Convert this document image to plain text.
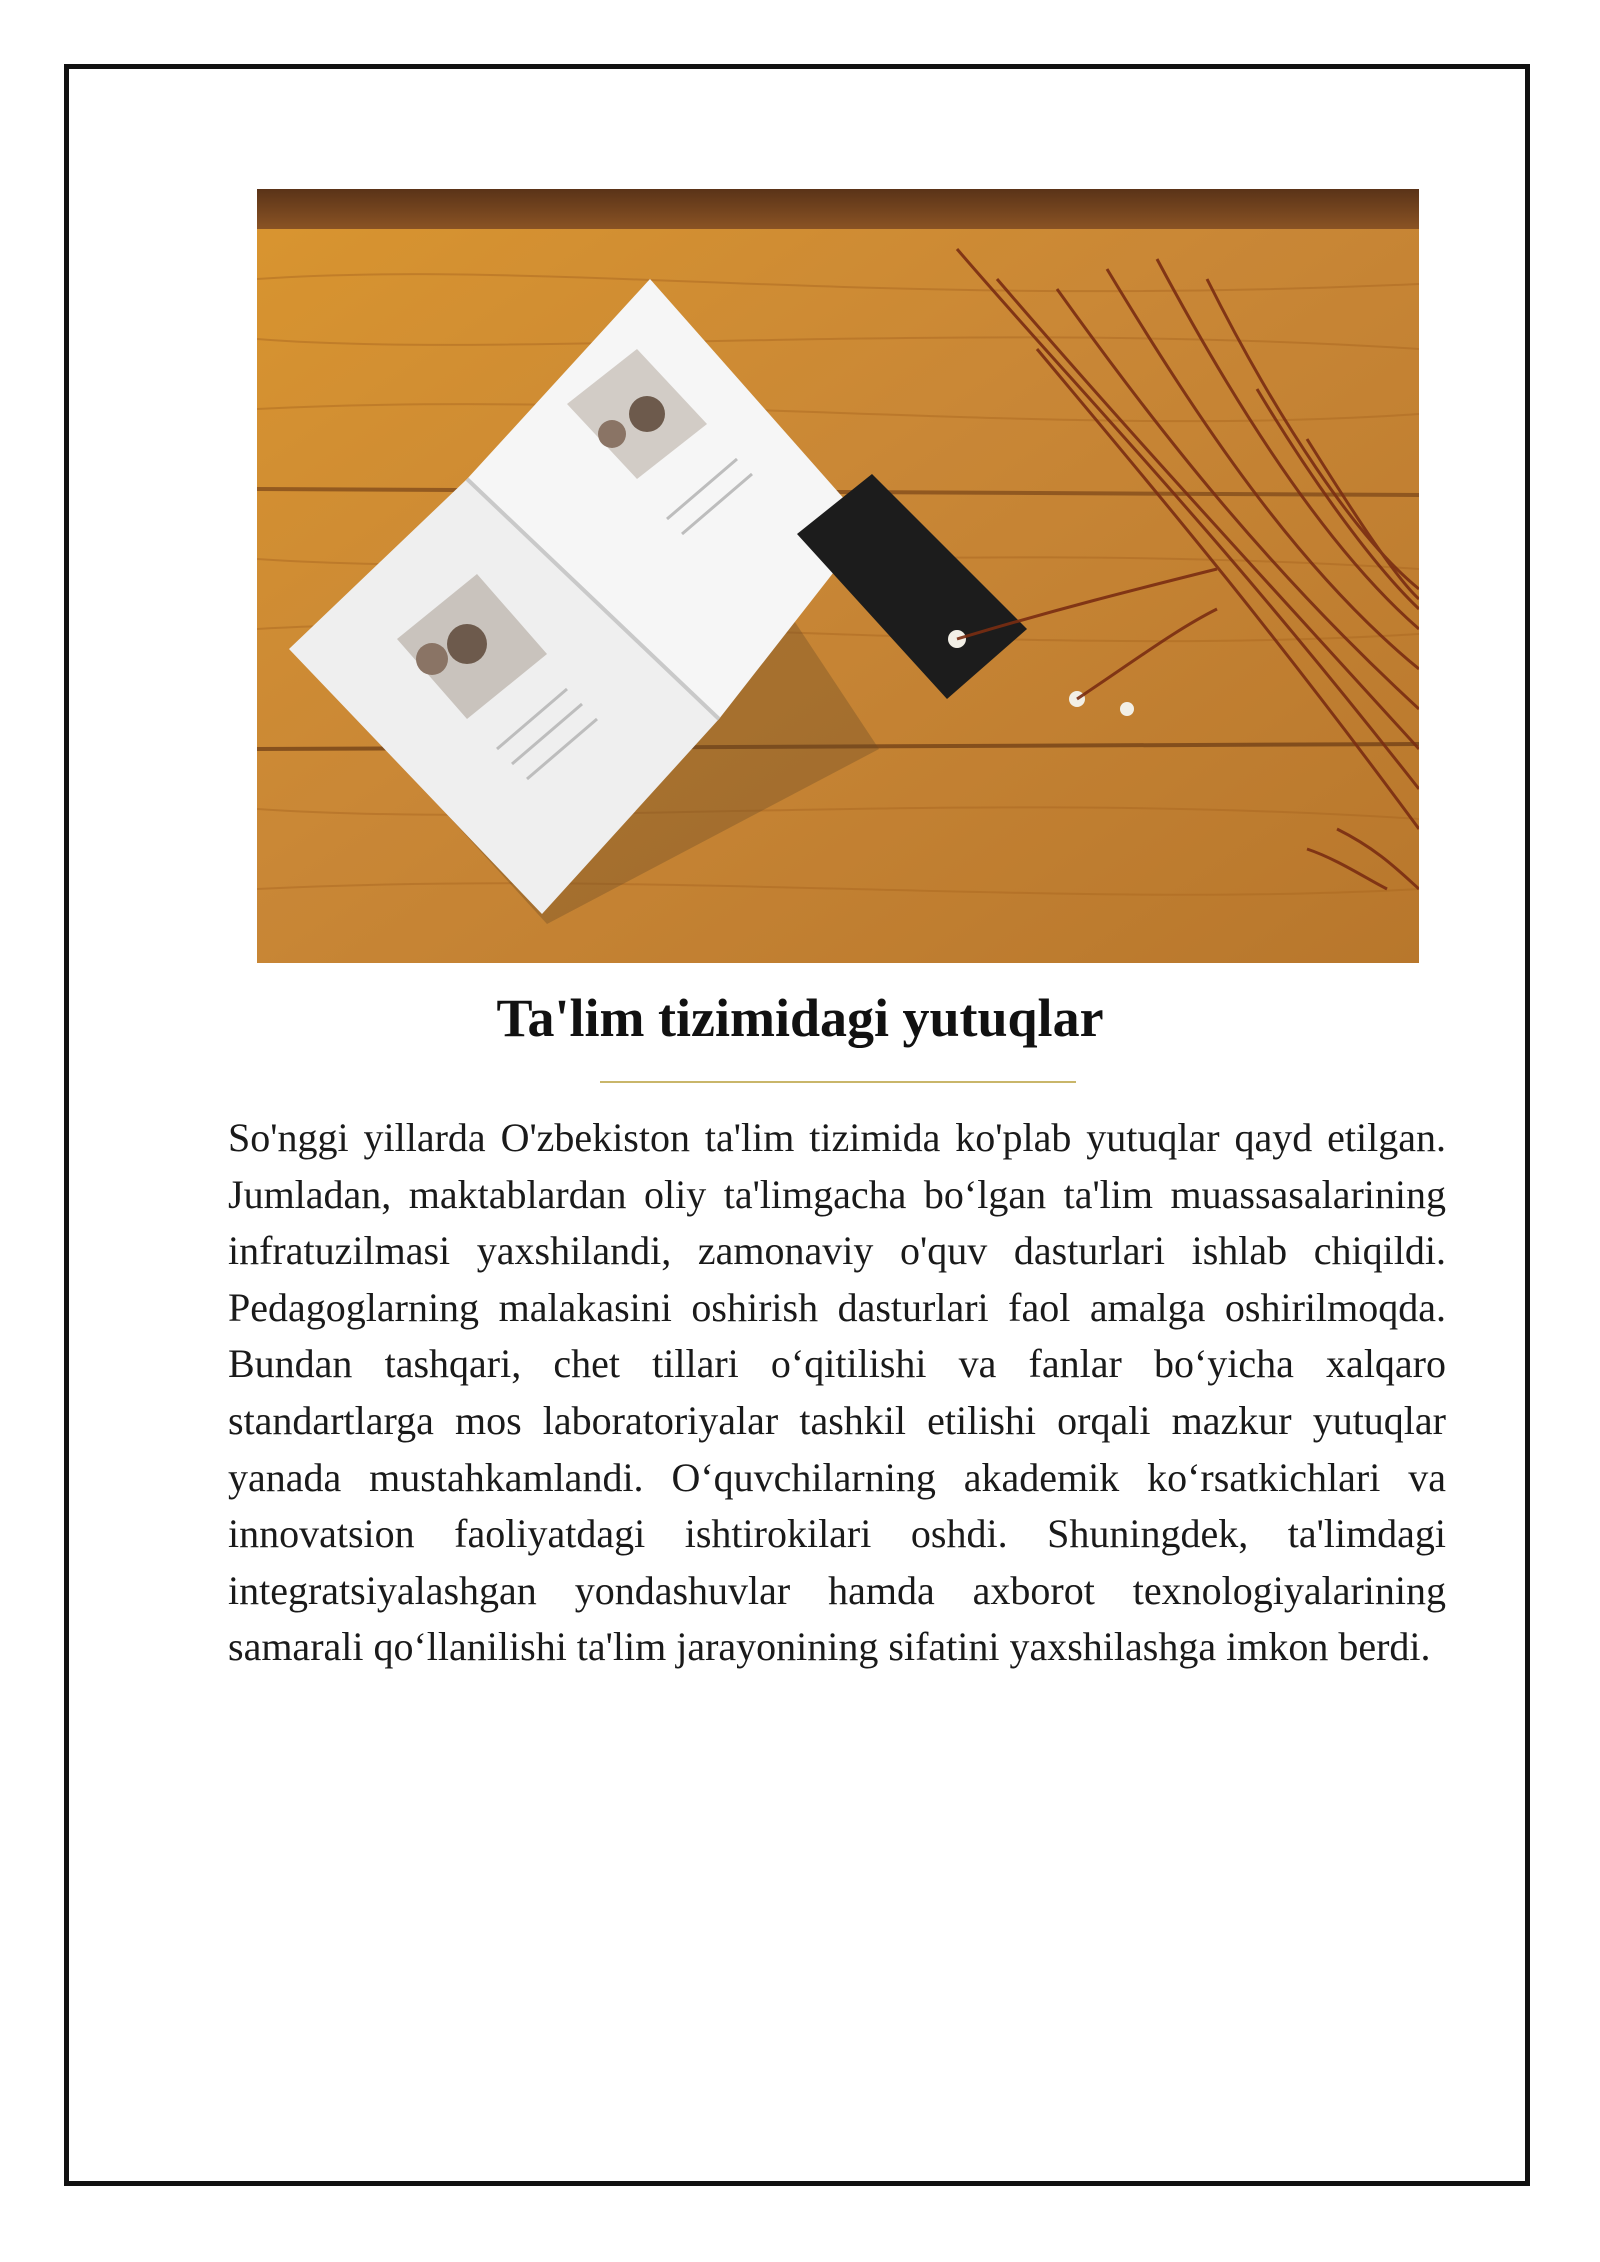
Ta'lim tizimidagi yutuqlar

So'nggi yillarda O'zbekiston ta'lim tizimida ko'plab yutuqlar qayd etilgan. Jumladan, maktablardan oliy ta'limgacha bo‘lgan ta'lim muassasalarining infratuzilmasi yaxshilandi, zamonaviy o'quv dasturlari ishlab chiqildi. Pedagoglarning malakasini oshirish dasturlari faol amalga oshirilmoqda. Bundan tashqari, chet tillari o‘qitilishi va fanlar bo‘yicha xalqaro standartlarga mos laboratoriyalar tashkil etilishi orqali mazkur yutuqlar yanada mustahkamlandi. O‘quvchilarning akademik ko‘rsatkichlari va innovatsion faoliyatdagi ishtirokilari oshdi. Shuningdek, ta'limdagi integratsiyalashgan yondashuvlar hamda axborot texnologiyalarining samarali qo‘llanilishi ta'lim jarayonining sifatini yaxshilashga imkon berdi.
